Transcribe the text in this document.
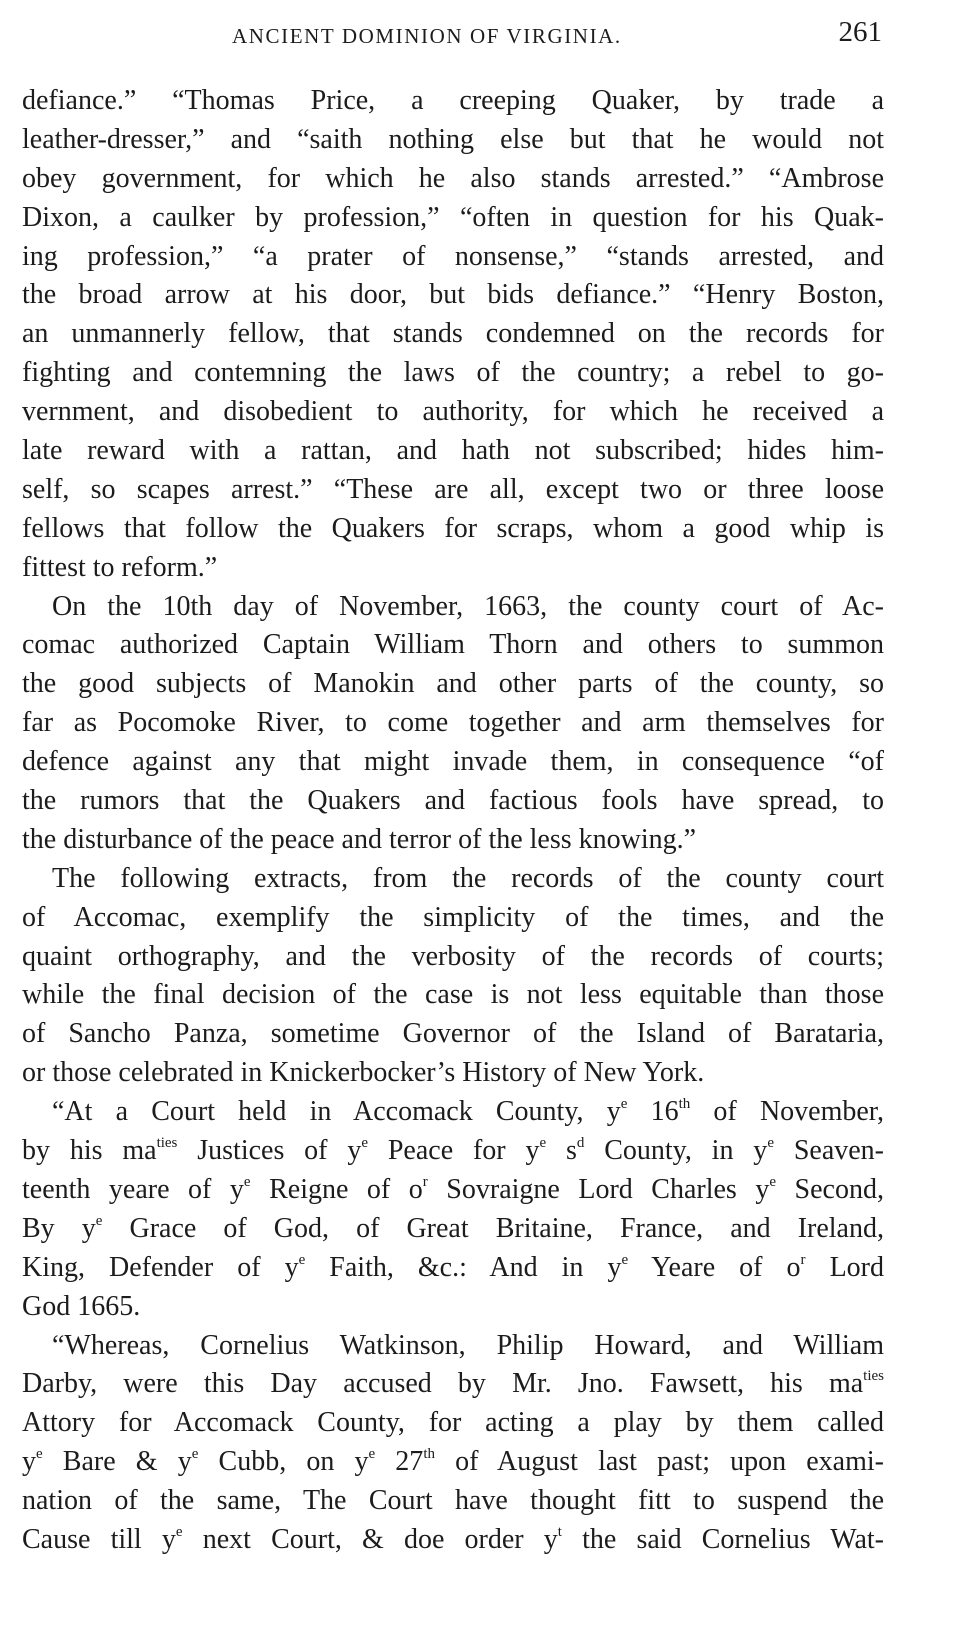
ANCIENT DOMINION OF VIRGINIA.	261
defiance.” “Thomas Price, a creeping Quaker, by trade a
leather-dresser,” and “saith nothing else but that he would not
obey government, for which he also stands arrested.” “Ambrose
Dixon, a caulker by profession,” “often in question for his Quak-
ing profession,” “a prater of nonsense,” “stands arrested, and
the broad arrow at his door, but bids defiance.” “Henry Boston,
an unmannerly fellow, that stands condemned on the records for
fighting and contemning the laws of the country; a rebel to go-
vernment, and disobedient to authority, for which he received a
late reward with a rattan, and hath not subscribed; hides him-
self, so scapes arrest.” “These are all, except two or three loose
fellows that follow the Quakers for scraps, whom a good whip is
fittest to reform.”
On the 10th day of November, 1663, the county court of Ac-
comac authorized Captain William Thorn and others to summon
the good subjects of Manokin and other parts of the county, so
far as Pocomoke River, to come together and arm themselves for
defence against any that might invade them, in consequence “of
the rumors that the Quakers and factious fools have spread, to
the disturbance of the peace and terror of the less knowing.”
The following extracts, from the records of the county court
of Accomac, exemplify the simplicity of the times, and the
quaint orthography, and the verbosity of the records of courts;
while the final decision of the case is not less equitable than those
of Sancho Panza, sometime Governor of the Island of Barataria,
or those celebrated in Knickerbocker’s History of New York.
“At a Court held in Accomack County, $y^e$ 16th of November,
by his $ma^{ties}$ Justices of $y^e$ Peace for $y^e$ $s^d$ County, in $y^e$ Seaven-
teenth yeare of $y^e$ Reigne of $o^r$ Sovraigne Lord Charles $y^e$ Second,
By $y^e$ Grace of God, of Great Britaine, France, and Ireland,
King, Defender of $y^e$ Faith, &c.: And in $y^e$ Yeare of $o^r$ Lord
God 1665.
“Whereas, Cornelius Watkinson, Philip Howard, and William
Darby, were this Day accused by Mr. Jno. Fawsett, his $ma^{ties}$
Attory for Accomack County, for acting a play by them called
$y^e$ Bare & $y^e$ Cubb, on $y^e$ 27th of August last past; upon exami-
nation of the same, The Court have thought fitt to suspend the
Cause till $y^e$ next Court, & doe order $y^t$ the said Cornelius Wat-
